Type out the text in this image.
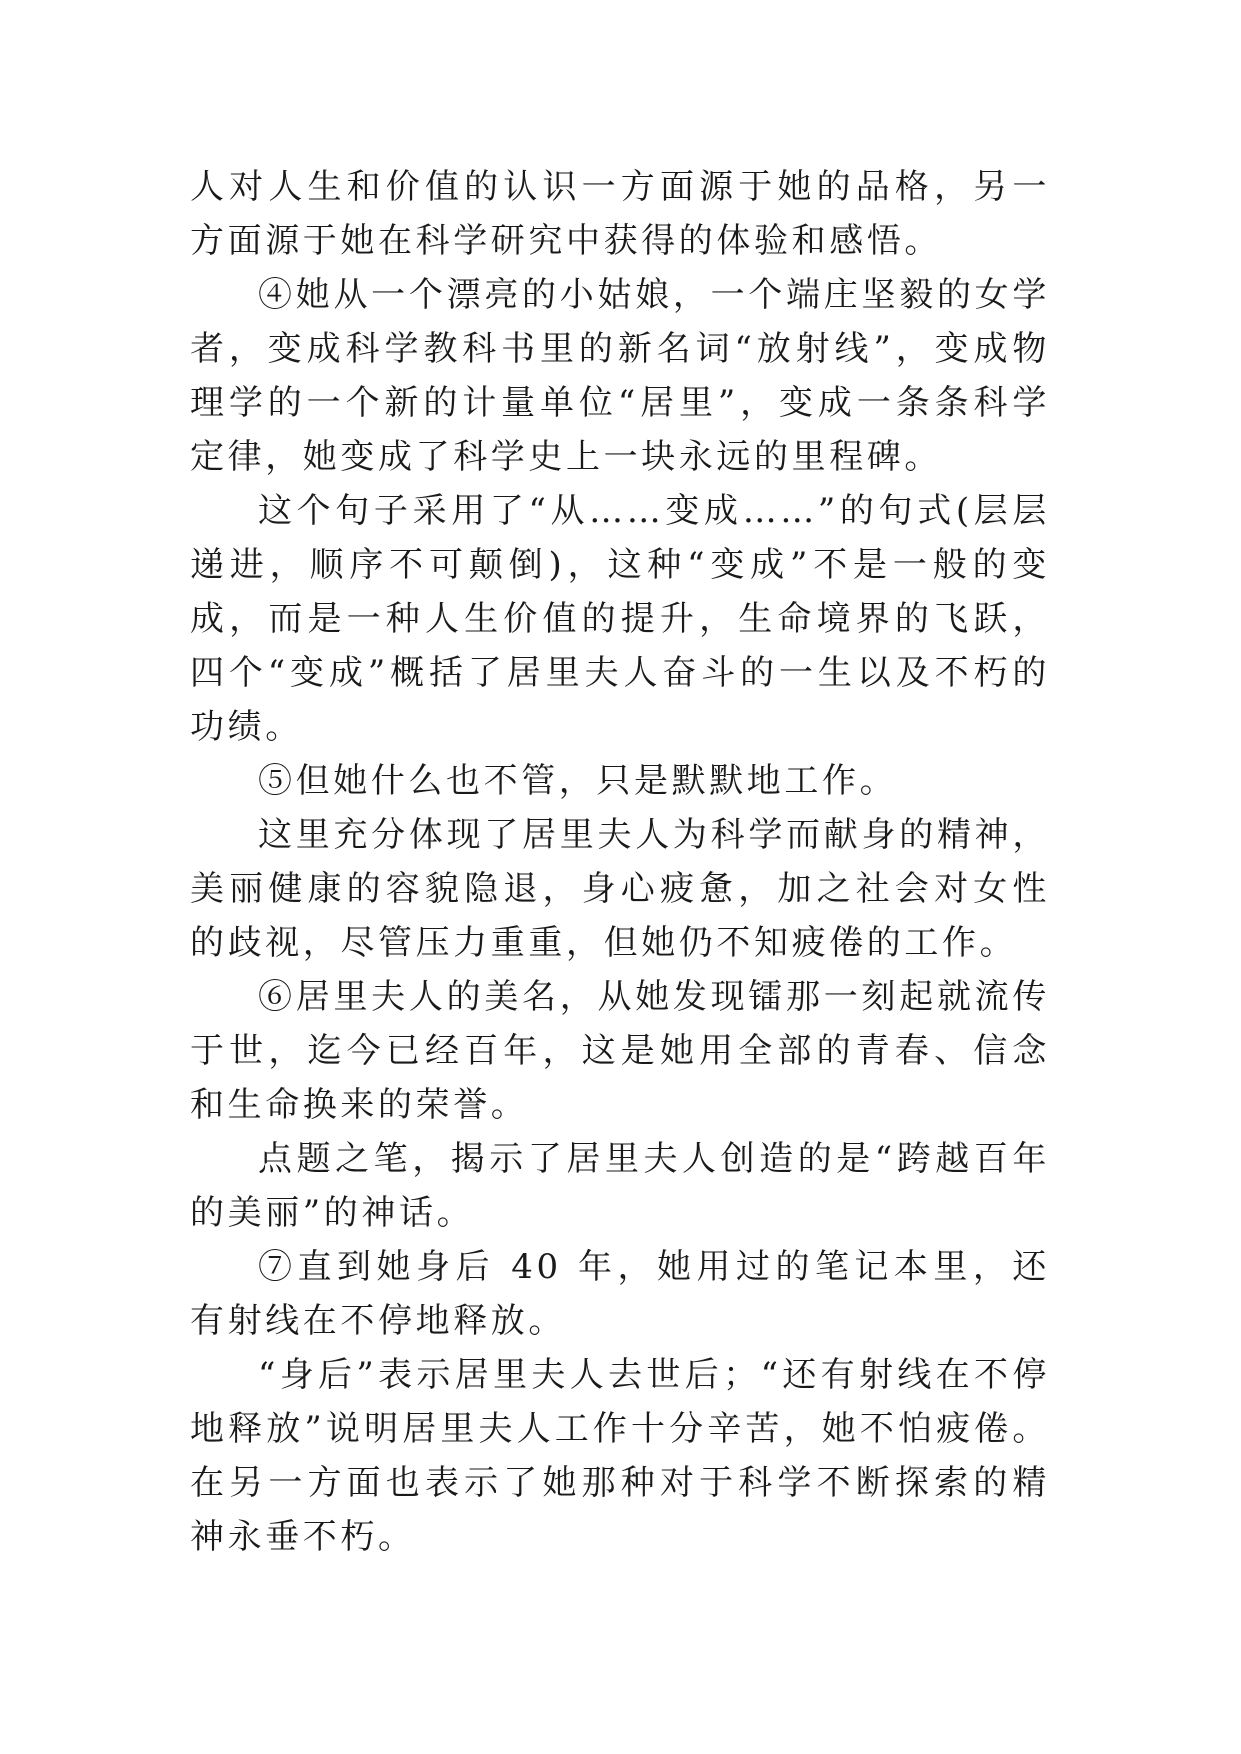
人对人生和价值的认识一方面源于她的品格，另一方面源于她在科学研究中获得的体验和感悟。

④她从一个漂亮的小姑娘，一个端庄坚毅的女学者，变成科学教科书里的新名词“放射线”，变成物理学的一个新的计量单位“居里”，变成一条条科学定律，她变成了科学史上一块永远的里程碑。

这个句子采用了“从……变成……”的句式(层层递进，顺序不可颠倒)，这种“变成”不是一般的变成，而是一种人生价值的提升，生命境界的飞跃，四个“变成”概括了居里夫人奋斗的一生以及不朽的功绩。

⑤但她什么也不管，只是默默地工作。

这里充分体现了居里夫人为科学而献身的精神，美丽健康的容貌隐退，身心疲惫，加之社会对女性的歧视，尽管压力重重，但她仍不知疲倦的工作。

⑥居里夫人的美名，从她发现镭那一刻起就流传于世，迄今已经百年，这是她用全部的青春、信念和生命换来的荣誉。

点题之笔，揭示了居里夫人创造的是“跨越百年的美丽”的神话。

⑦直到她身后 40 年，她用过的笔记本里，还有射线在不停地释放。

“身后”表示居里夫人去世后；“还有射线在不停地释放”说明居里夫人工作十分辛苦，她不怕疲倦。在另一方面也表示了她那种对于科学不断探索的精神永垂不朽。
